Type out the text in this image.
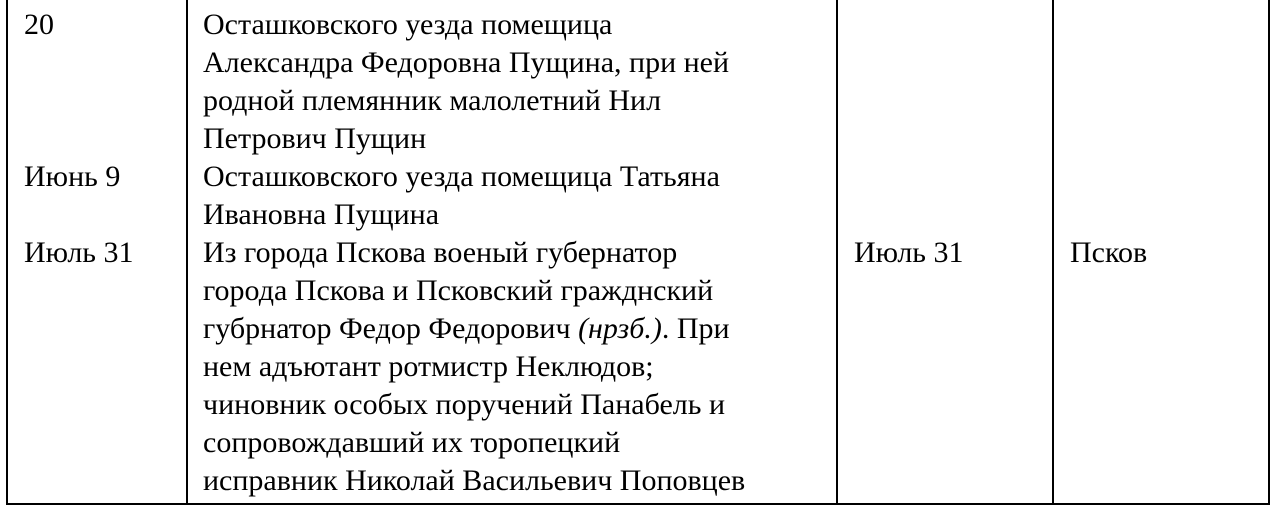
20
Июнь 9
Июль 31
Осташковского уезда помещица
Александра Федоровна Пущина, при ней
родной племянник малолетний Нил
Петрович Пущин
Осташковского уезда помещица Татьяна
Ивановна Пущина
Из города Пскова военый губернатор
города Пскова и Псковский гражднский
губрнатор Федор Федорович (нрзб.). При
нем адъютант ротмистр Неклюдов;
чиновник особых поручений Панабель и
сопровождавший их торопецкий
исправник Николай Васильевич Поповцев
Июль 31	Псков
